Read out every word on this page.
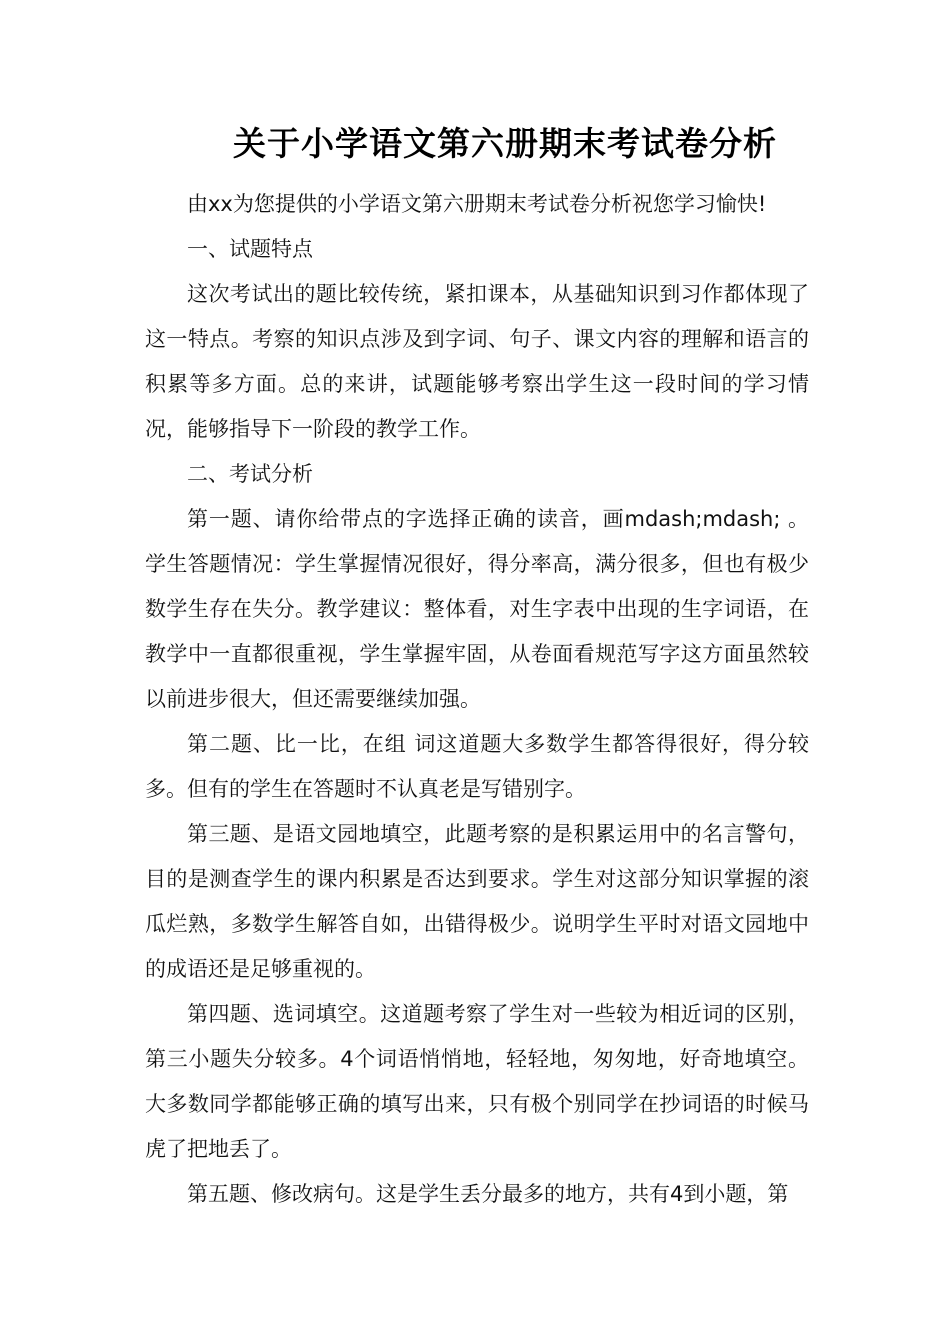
关于小学语文第六册期末考试卷分析

由xx为您提供的小学语文第六册期末考试卷分析祝您学习愉快!

一、试题特点

这次考试出的题比较传统，紧扣课本，从基础知识到习作都体现了这一特点。考察的知识点涉及到字词、句子、课文内容的理解和语言的积累等多方面。总的来讲，试题能够考察出学生这一段时间的学习情况，能够指导下一阶段的教学工作。

二、考试分析

第一题、请你给带点的字选择正确的读音，画mdash;mdash; 。学生答题情况：学生掌握情况很好，得分率高，满分很多，但也有极少数学生存在失分。教学建议：整体看，对生字表中出现的生字词语，在教学中一直都很重视，学生掌握牢固，从卷面看规范写字这方面虽然较以前进步很大，但还需要继续加强。

第二题、比一比，在组 词这道题大多数学生都答得很好，得分较多。但有的学生在答题时不认真老是写错别字。

第三题、是语文园地填空，此题考察的是积累运用中的名言警句，目的是测查学生的课内积累是否达到要求。学生对这部分知识掌握的滚瓜烂熟，多数学生解答自如，出错得极少。说明学生平时对语文园地中的成语还是足够重视的。

第四题、选词填空。这道题考察了学生对一些较为相近词的区别，第三小题失分较多。4个词语悄悄地，轻轻地，匆匆地，好奇地填空。大多数同学都能够正确的填写出来，只有极个别同学在抄词语的时候马虎了把地丢了。

第五题、修改病句。这是学生丢分最多的地方，共有4到小题，第
